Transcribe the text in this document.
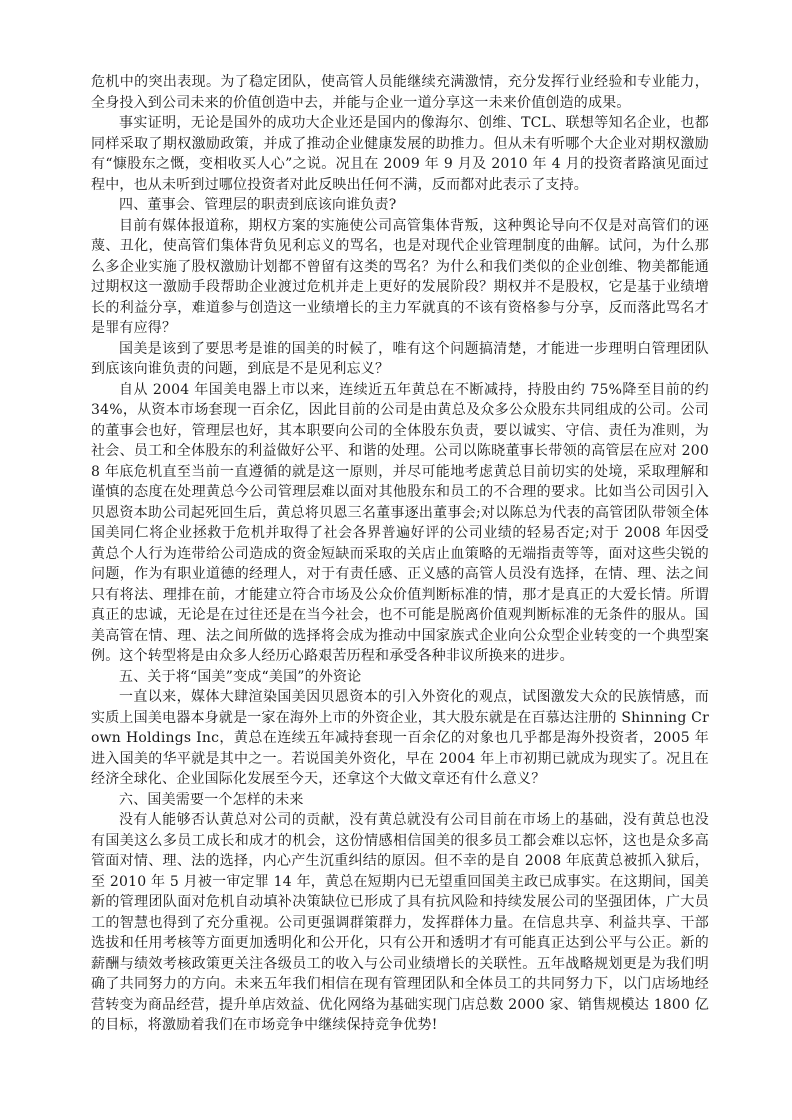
危机中的突出表现。为了稳定团队，使高管人员能继续充满激情，充分发挥行业经验和专业能力，全身投入到公司未来的价值创造中去，并能与企业一道分享这一未来价值创造的成果。

事实证明，无论是国外的成功大企业还是国内的像海尔、创维、TCL、联想等知名企业，也都同样采取了期权激励政策，并成了推动企业健康发展的助推力。但从未有听哪个大企业对期权激励有“慷股东之慨，变相收买人心”之说。况且在 2009 年 9 月及 2010 年 4 月的投资者路演见面过程中，也从未听到过哪位投资者对此反映出任何不满，反而都对此表示了支持。

四、董事会、管理层的职责到底该向谁负责?

目前有媒体报道称，期权方案的实施使公司高管集体背叛，这种舆论导向不仅是对高管们的诬蔑、丑化，使高管们集体背负见利忘义的骂名，也是对现代企业管理制度的曲解。试问，为什么那么多企业实施了股权激励计划都不曾留有这类的骂名？为什么和我们类似的企业创维、物美都能通过期权这一激励手段帮助企业渡过危机并走上更好的发展阶段？期权并不是股权，它是基于业绩增长的利益分享，难道参与创造这一业绩增长的主力军就真的不该有资格参与分享，反而落此骂名才是罪有应得？

国美是该到了要思考是谁的国美的时候了，唯有这个问题搞清楚，才能进一步理明白管理团队到底该向谁负责的问题，到底是不是见利忘义？

自从 2004 年国美电器上市以来，连续近五年黄总在不断减持，持股由约 75%降至目前的约 34%，从资本市场套现一百余亿，因此目前的公司是由黄总及众多公众股东共同组成的公司。公司的董事会也好，管理层也好，其本职要向公司的全体股东负责，要以诚实、守信、责任为准则，为社会、员工和全体股东的利益做好公平、和谐的处理。公司以陈晓董事长带领的高管层在应对 2008 年底危机直至当前一直遵循的就是这一原则，并尽可能地考虑黄总目前切实的处境，采取理解和谨慎的态度在处理黄总今公司管理层难以面对其他股东和员工的不合理的要求。比如当公司因引入贝恩资本助公司起死回生后，黄总将贝恩三名董事逐出董事会;对以陈总为代表的高管团队带领全体国美同仁将企业拯救于危机并取得了社会各界普遍好评的公司业绩的轻易否定;对于 2008 年因受黄总个人行为连带给公司造成的资金短缺而采取的关店止血策略的无端指责等等，面对这些尖锐的问题，作为有职业道德的经理人，对于有责任感、正义感的高管人员没有选择，在情、理、法之间只有将法、理排在前，才能建立符合市场及公众价值判断标准的情，那才是真正的大爱长情。所谓真正的忠诚，无论是在过往还是在当今社会，也不可能是脱离价值观判断标准的无条件的服从。国美高管在情、理、法之间所做的选择将会成为推动中国家族式企业向公众型企业转变的一个典型案例。这个转型将是由众多人经历心路艰苦历程和承受各种非议所换来的进步。

五、关于将“国美”变成“美国”的外资论

一直以来，媒体大肆渲染国美因贝恩资本的引入外资化的观点，试图激发大众的民族情感，而实质上国美电器本身就是一家在海外上市的外资企业，其大股东就是在百慕达注册的 Shinning Crown Holdings Inc，黄总在连续五年减持套现一百余亿的对象也几乎都是海外投资者，2005 年进入国美的华平就是其中之一。若说国美外资化，早在 2004 年上市初期已就成为现实了。况且在经济全球化、企业国际化发展至今天，还拿这个大做文章还有什么意义？

六、国美需要一个怎样的未来

没有人能够否认黄总对公司的贡献，没有黄总就没有公司目前在市场上的基础，没有黄总也没有国美这么多员工成长和成才的机会，这份情感相信国美的很多员工都会难以忘怀，这也是众多高管面对情、理、法的选择，内心产生沉重纠结的原因。但不幸的是自 2008 年底黄总被抓入狱后，至 2010 年 5 月被一审定罪 14 年，黄总在短期内已无望重回国美主政已成事实。在这期间，国美新的管理团队面对危机自动填补决策缺位已形成了具有抗风险和持续发展公司的坚强团体，广大员工的智慧也得到了充分重视。公司更强调群策群力，发挥群体力量。在信息共享、利益共享、干部选拔和任用考核等方面更加透明化和公开化，只有公开和透明才有可能真正达到公平与公正。新的薪酬与绩效考核政策更关注各级员工的收入与公司业绩增长的关联性。五年战略规划更是为我们明确了共同努力的方向。未来五年我们相信在现有管理团队和全体员工的共同努力下，以门店场地经营转变为商品经营，提升单店效益、优化网络为基础实现门店总数 2000 家、销售规模达 1800 亿的目标，将激励着我们在市场竞争中继续保持竞争优势!
